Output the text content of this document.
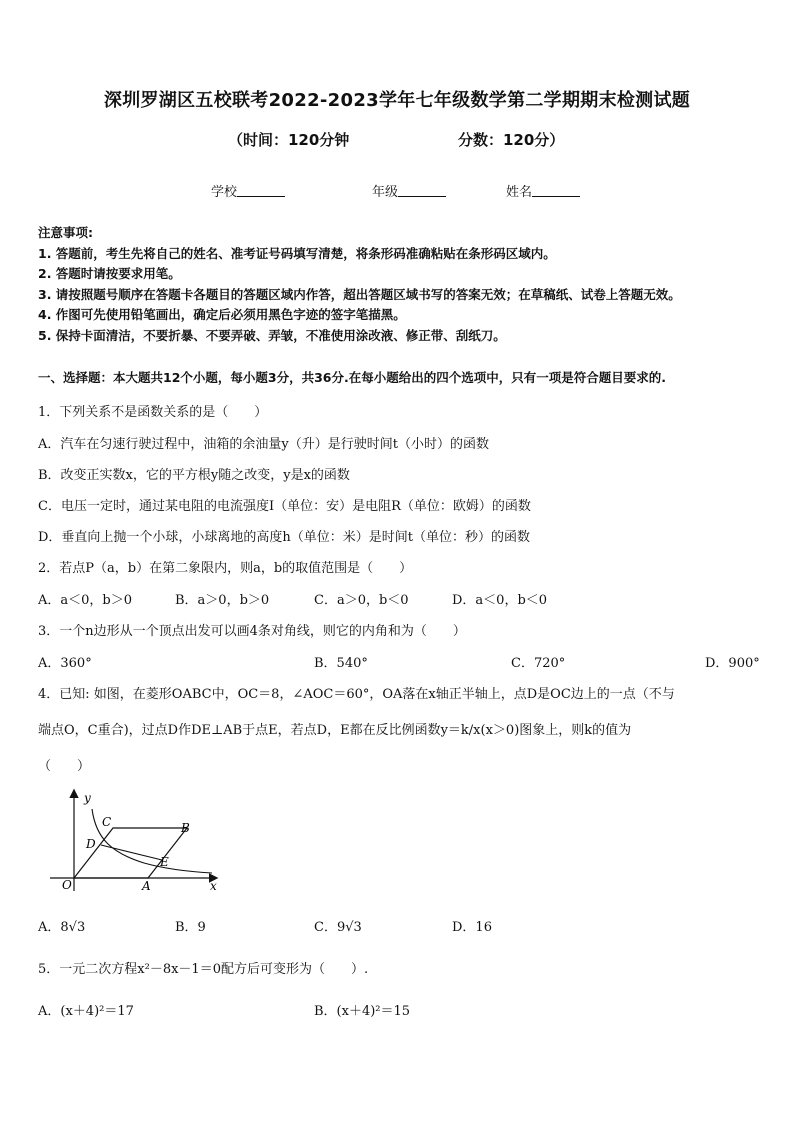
深圳罗湖区五校联考2022-2023学年七年级数学第二学期期末检测试题
（时间：120分钟	分数：120分）
学校	年级	姓名
注意事项:
1. 答题前，考生先将自己的姓名、准考证号码填写清楚，将条形码准确粘贴在条形码区域内。
2. 答题时请按要求用笔。
3. 请按照题号顺序在答题卡各题目的答题区域内作答，超出答题区域书写的答案无效；在草稿纸、试卷上答题无效。
4. 作图可先使用铅笔画出，确定后必须用黑色字迹的签字笔描黑。
5. 保持卡面清洁，不要折暴、不要弄破、弄皱，不准使用涂改液、修正带、刮纸刀。
一、选择题：本大题共12个小题，每小题3分，共36分.在每小题给出的四个选项中，只有一项是符合题目要求的.
1．下列关系不是函数关系的是（　　）
A．汽车在匀速行驶过程中，油箱的余油量y（升）是行驶时间t（小时）的函数
B．改变正实数x，它的平方根y随之改变，y是x的函数
C．电压一定时，通过某电阻的电流强度I（单位：安）是电阻R（单位：欧姆）的函数
D．垂直向上抛一个小球，小球离地的高度h（单位：米）是时间t（单位：秒）的函数
2．若点P（a，b）在第二象限内，则a，b的取值范围是（　　）
A．a＜0，b＞0	B．a＞0，b＞0	C．a＞0，b＜0	D．a＜0，b＜0
3．一个n边形从一个顶点出发可以画4条对角线，则它的内角和为（　　）
A．360°	B．540°	C．720°	D．900°
4．已知: 如图，在菱形OABC中，OC＝8，∠AOC＝60°，OA落在x轴正半轴上，点D是OC边上的一点（不与
端点O，C重合)，过点D作DE⊥AB于点E，若点D，E都在反比例函数y＝k/x(x＞0)图象上，则k的值为
（　　）
y
x
O	A
B
C
D
E
A．8√3	B．9	C．9√3	D．16
5．一元二次方程x²－8x－1＝0配方后可变形为（　　）.
A．(x＋4)²＝17	B．(x＋4)²＝15
